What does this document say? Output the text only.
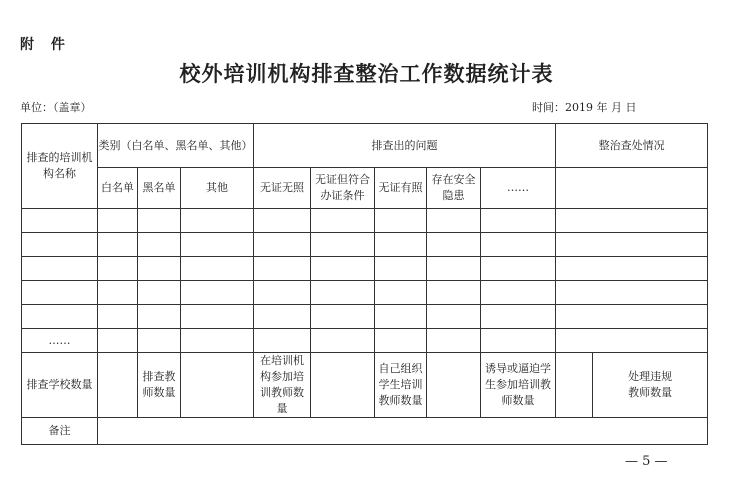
附 件
校外培训机构排查整治工作数据统计表
单位：（盖章）	时间：2019 年 月 日
排查的培训机构名称	类别（白名单、黑名单、其他）			排查出的问题					整治查处情况	
	白名单	黑名单	其他	无证无照	无证但符合办证条件	无证有照	存在安全隐患	……		

……										
排查学校数量		排查教师数量		在培训机构参加培训教师数量		自己组织学生培训教师数量		诱导或逼迫学生参加培训教师数量		处理违规教师数量

备注										
— 5 —
